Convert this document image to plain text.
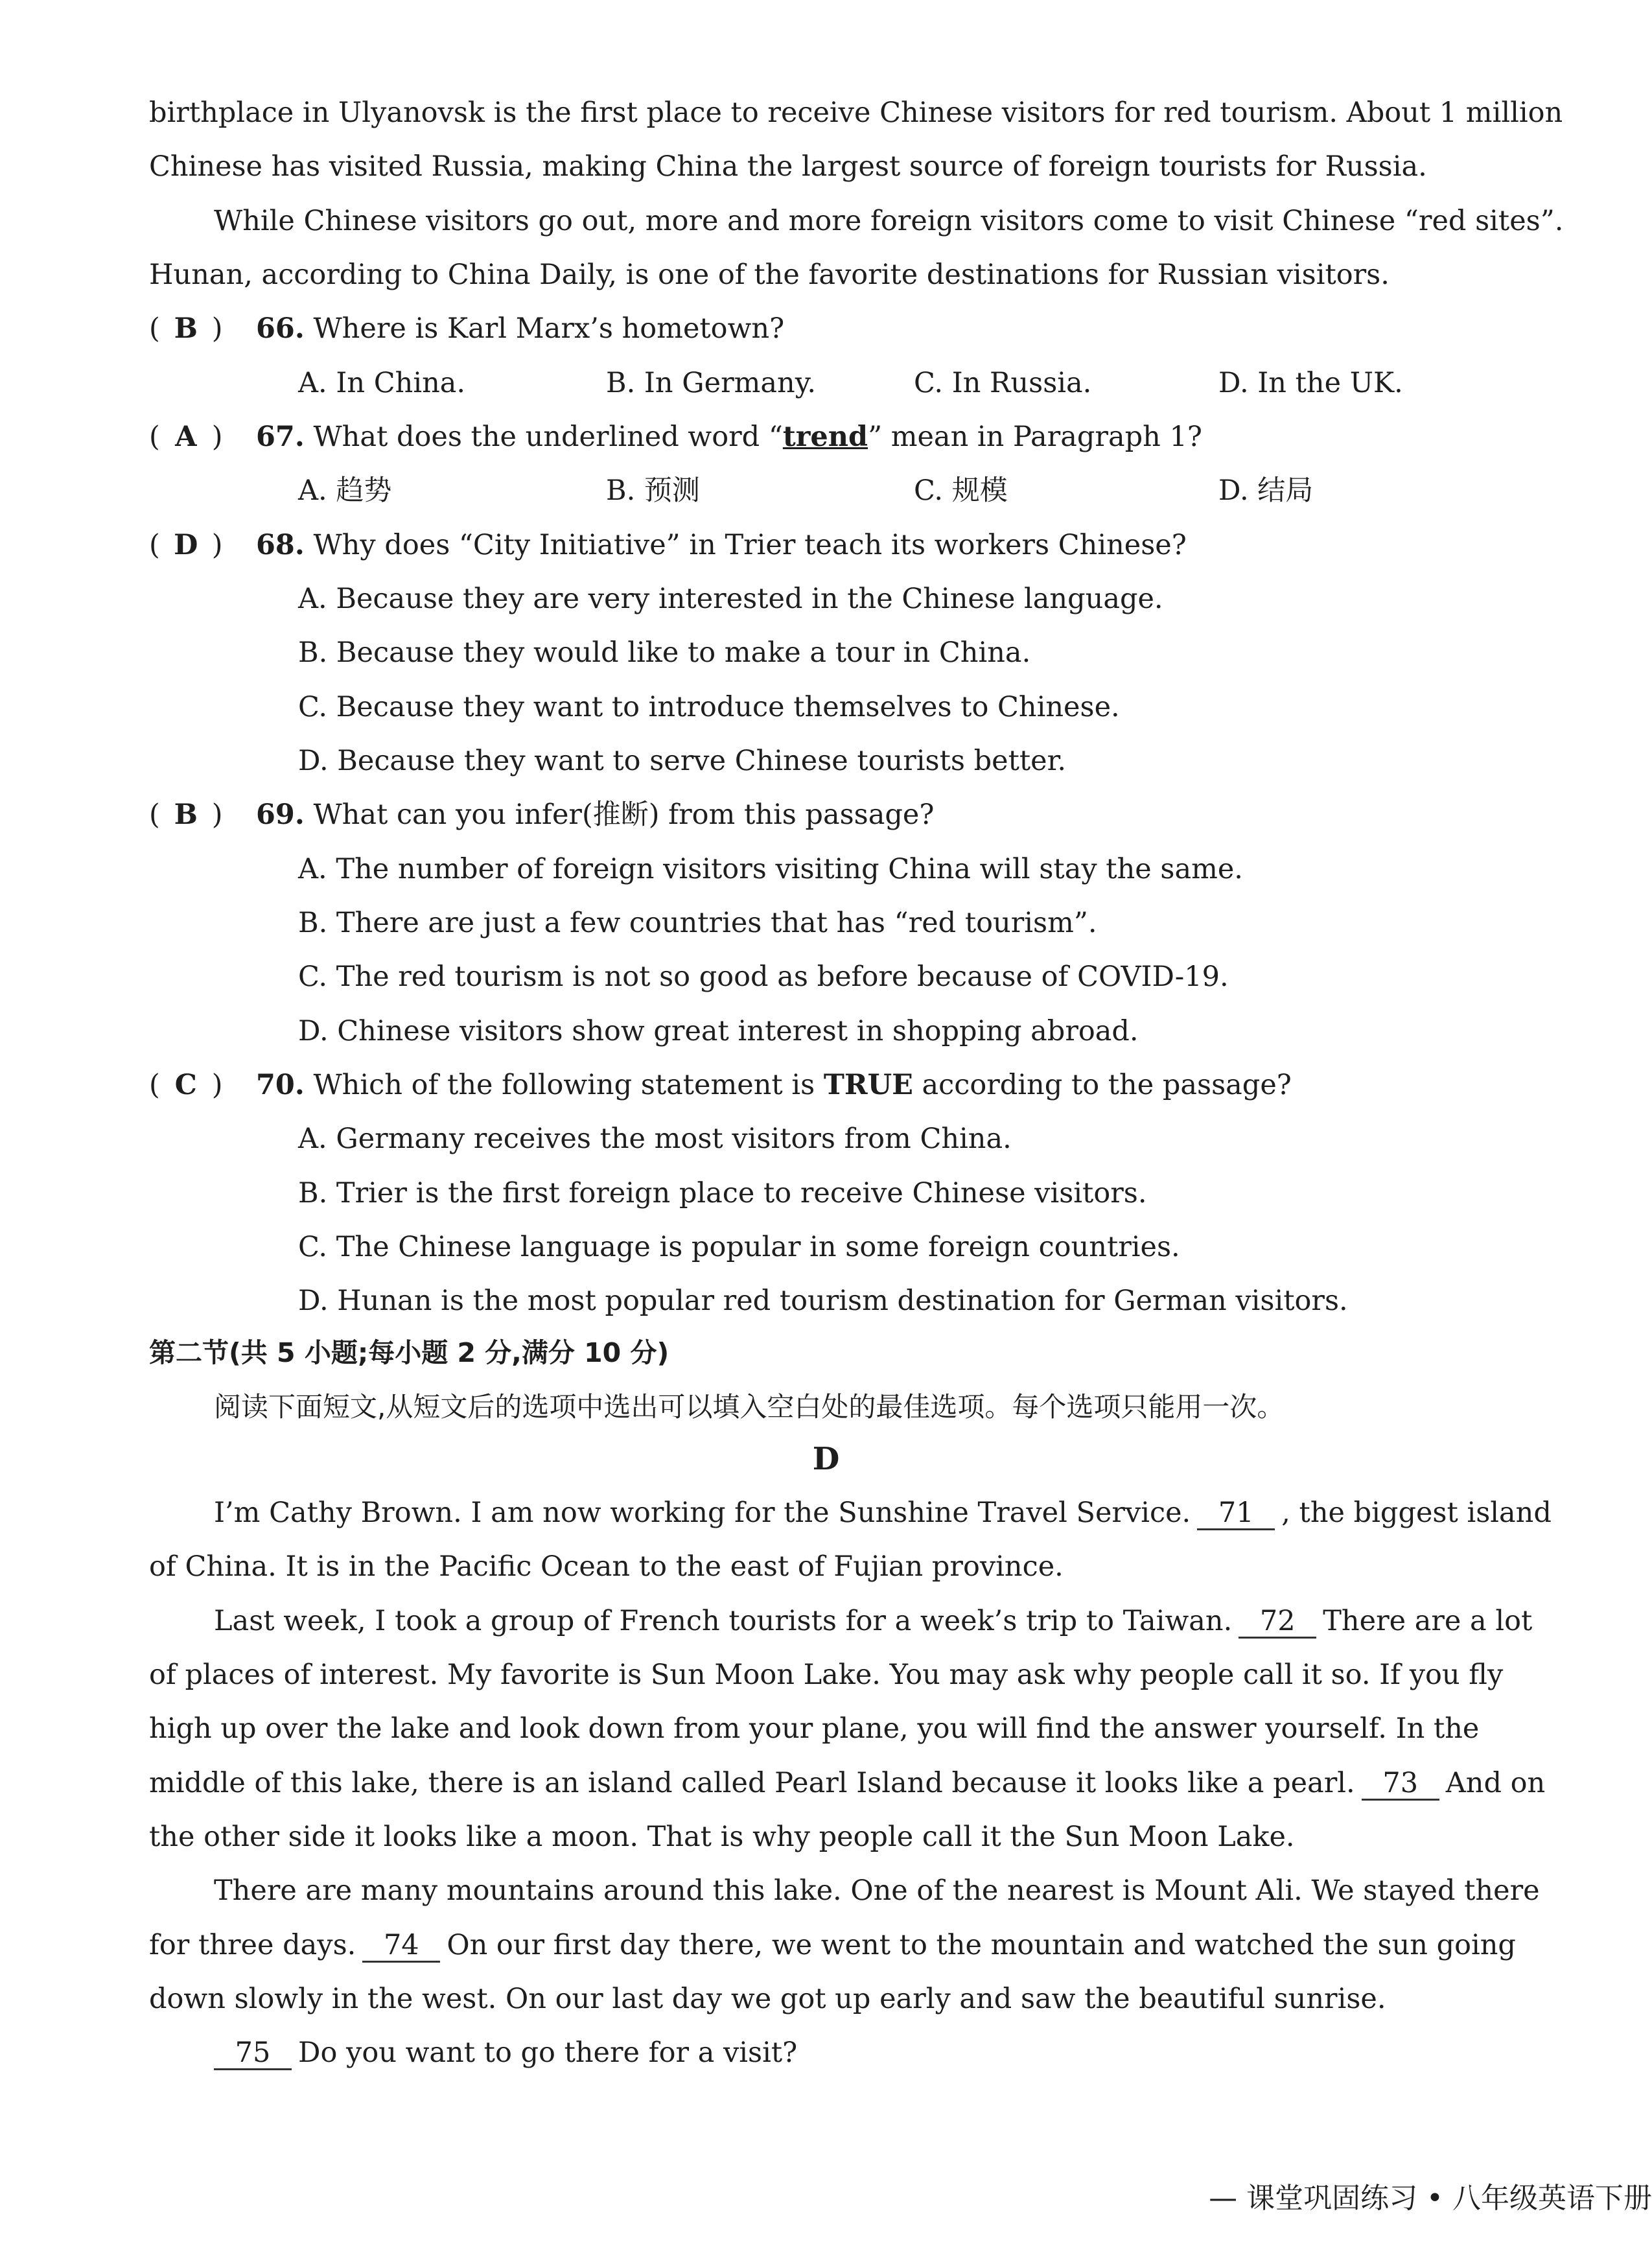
birthplace in Ulyanovsk is the first place to receive Chinese visitors for red tourism. About 1 million
Chinese has visited Russia, making China the largest source of foreign tourists for Russia.
While Chinese visitors go out, more and more foreign visitors come to visit Chinese “red sites”.
Hunan, according to China Daily, is one of the favorite destinations for Russian visitors.
( B ) 66. Where is Karl Marx’s hometown?
A. In China.	B. In Germany.	C. In Russia.	D. In the UK.
( A ) 67. What does the underlined word “trend” mean in Paragraph 1?
A. 趋势	B. 预测	C. 规模	D. 结局
( D ) 68. Why does “City Initiative” in Trier teach its workers Chinese?
A. Because they are very interested in the Chinese language.
B. Because they would like to make a tour in China.
C. Because they want to introduce themselves to Chinese.
D. Because they want to serve Chinese tourists better.
( B ) 69. What can you infer(推断) from this passage?
A. The number of foreign visitors visiting China will stay the same.
B. There are just a few countries that has “red tourism”.
C. The red tourism is not so good as before because of COVID-19.
D. Chinese visitors show great interest in shopping abroad.
( C ) 70. Which of the following statement is TRUE according to the passage?
A. Germany receives the most visitors from China.
B. Trier is the first foreign place to receive Chinese visitors.
C. The Chinese language is popular in some foreign countries.
D. Hunan is the most popular red tourism destination for German visitors.
第二节(共 5 小题;每小题 2 分,满分 10 分)
阅读下面短文,从短文后的选项中选出可以填入空白处的最佳选项。每个选项只能用一次。
D
I’m Cathy Brown. I am now working for the Sunshine Travel Service. 71 , the biggest island
of China. It is in the Pacific Ocean to the east of Fujian province.
Last week, I took a group of French tourists for a week’s trip to Taiwan. 72 There are a lot
of places of interest. My favorite is Sun Moon Lake. You may ask why people call it so. If you fly
high up over the lake and look down from your plane, you will find the answer yourself. In the
middle of this lake, there is an island called Pearl Island because it looks like a pearl. 73 And on
the other side it looks like a moon. That is why people call it the Sun Moon Lake.
There are many mountains around this lake. One of the nearest is Mount Ali. We stayed there
for three days. 74 On our first day there, we went to the mountain and watched the sun going
down slowly in the west. On our last day we got up early and saw the beautiful sunrise.
75 Do you want to go there for a visit?
— 课堂巩固练习 • 八年级英语下册
